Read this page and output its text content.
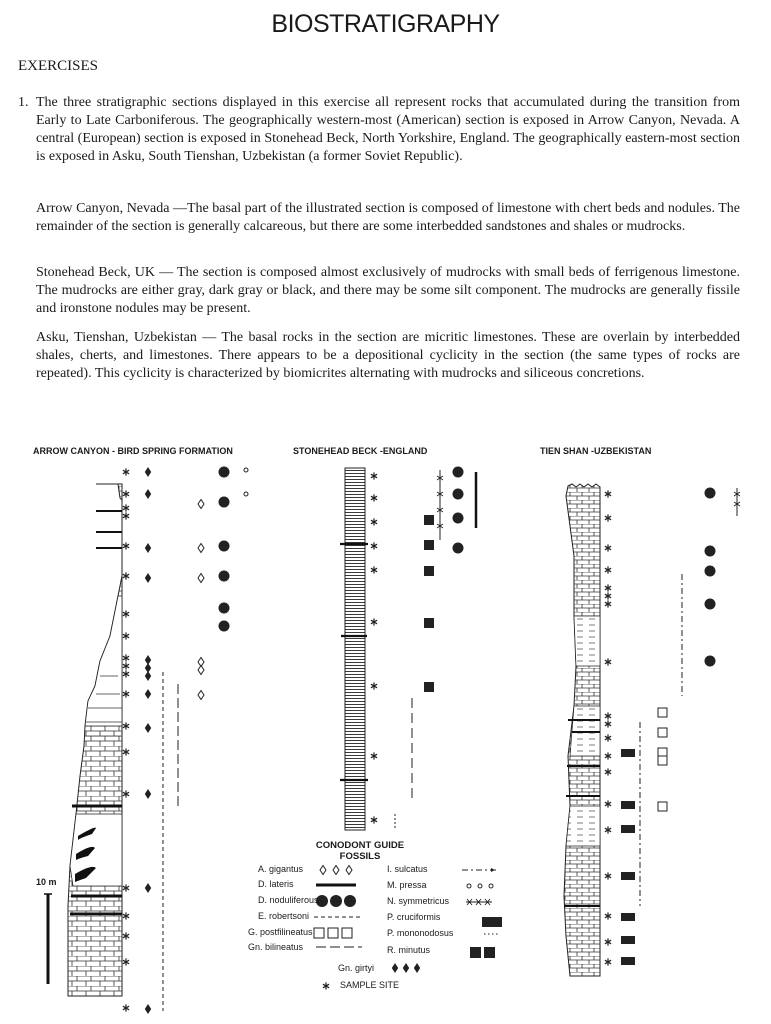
BIOSTRATIGRAPHY
EXERCISES
1. The three stratigraphic sections displayed in this exercise all represent rocks that accumulated during the transition from Early to Late Carboniferous. The geographically western-most (American) section is exposed in Arrow Canyon, Nevada. A central (European) section is exposed in Stonehead Beck, North Yorkshire, England. The geographically eastern-most section is exposed in Asku, South Tienshan, Uzbekistan (a former Soviet Republic).

Arrow Canyon, Nevada —The basal part of the illustrated section is composed of limestone with chert beds and nodules. The remainder of the section is generally calcareous, but there are some interbedded sandstones and shales or mudrocks.

Stonehead Beck, UK — The section is composed almost exclusively of mudrocks with small beds of ferrigenous limestone. The mudrocks are either gray, dark gray or black, and there may be some silt component. The mudrocks are generally fissile and ironstone nodules may be present.

Asku, Tienshan, Uzbekistan — The basal rocks in the section are micritic limestones. These are overlain by interbedded shales, cherts, and limestones. There appears to be a depositional cyclicity in the section (the same types of rocks are repeated). This cyclicity is characterized by biomicrites alternating with mudrocks and siliceous concretions.

ARROW CANYON - BIRD SPRING FORMATION	STONEHEAD BECK -ENGLAND	TIEN SHAN -UZBEKISTAN
10 m
CONODONT GUIDE
FOSSILS
A. gigantus
D. lateris
D. noduliferous
E. robertsoni
G. postfilineatus
Gn. bilineatus
I. sulcatus
M. pressa
N. symmetricus
P. cruciformis
P. mononodosus
R. minutus
Gn. girtyi
SAMPLE SITE
